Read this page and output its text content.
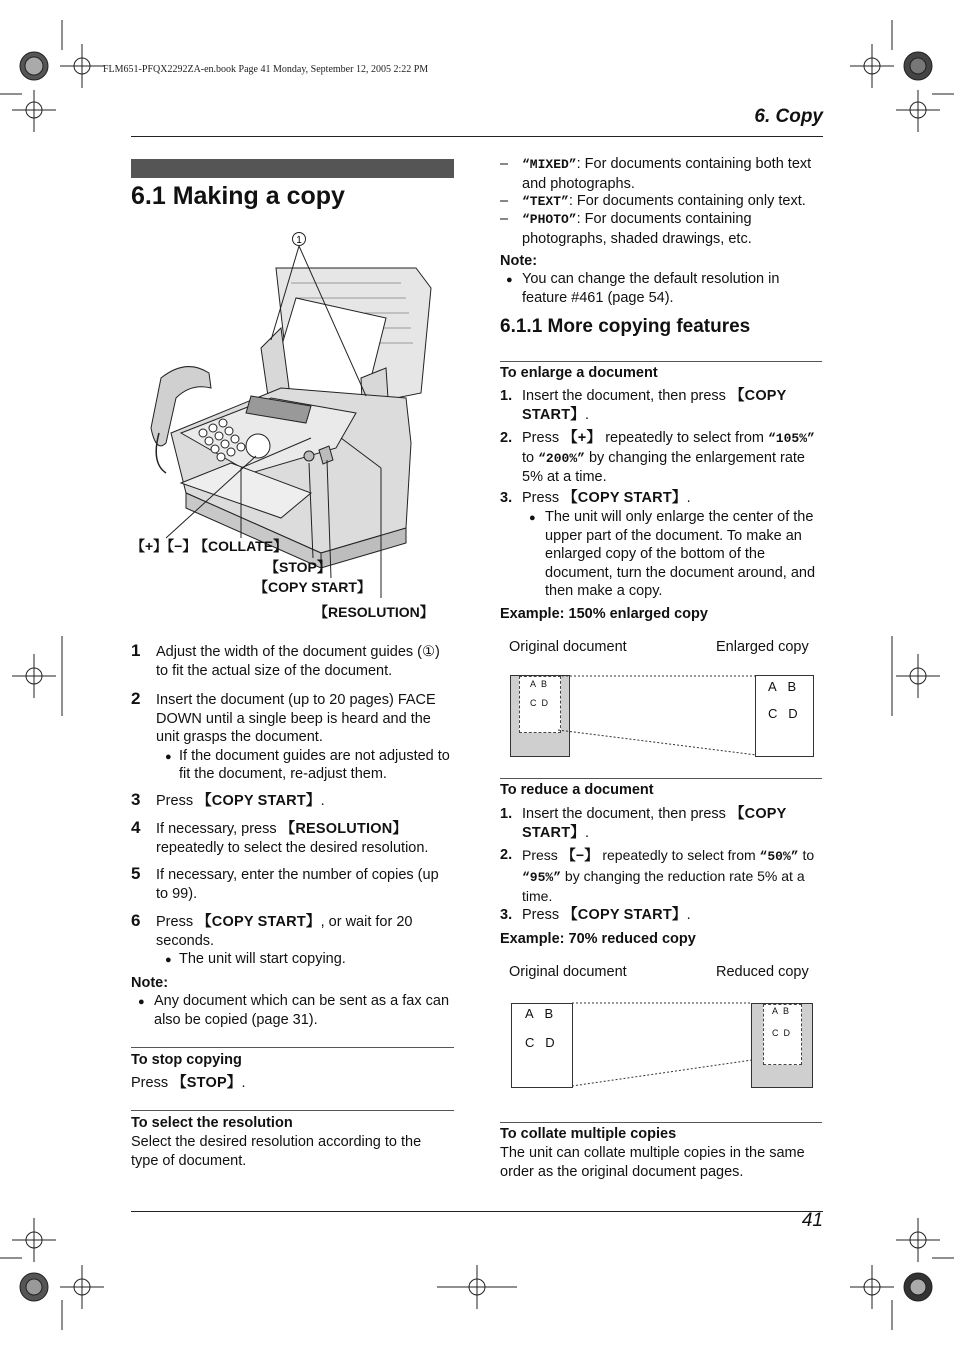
FLM651-PFQX2292ZA-en.book Page 41 Monday, September 12, 2005 2:22 PM
6. Copy
6.1 Making a copy
1
【+】【−】
【COLLATE】
【STOP】
【COPY START】
【RESOLUTION】
1 Adjust the width of the document guides (①) to fit the actual size of the document.
2 Insert the document (up to 20 pages) FACE DOWN until a single beep is heard and the unit grasps the document.
● If the document guides are not adjusted to fit the document, re-adjust them.
3 Press 【COPY START】.
4 If necessary, press 【RESOLUTION】 repeatedly to select the desired resolution.
5 If necessary, enter the number of copies (up to 99).
6 Press 【COPY START】, or wait for 20 seconds.
● The unit will start copying.
Note:
● Any document which can be sent as a fax can also be copied (page 31).
To stop copying
Press 【STOP】.
To select the resolution
Select the desired resolution according to the type of document.
– “MIXED”: For documents containing both text and photographs.
– “TEXT”: For documents containing only text.
– “PHOTO”: For documents containing photographs, shaded drawings, etc.
Note:
● You can change the default resolution in feature #461 (page 54).
6.1.1 More copying features
To enlarge a document
1. Insert the document, then press 【COPY START】.
2. Press 【+】 repeatedly to select from “105%” to “200%” by changing the enlargement rate 5% at a time.
3. Press 【COPY START】.
● The unit will only enlarge the center of the upper part of the document. To make an enlarged copy of the bottom of the document, turn the document around, and then make a copy.
Example: 150% enlarged copy
Original document	Enlarged copy
A B
C D
A B
C D
To reduce a document
1. Insert the document, then press 【COPY START】.
2. Press 【−】 repeatedly to select from “50%” to “95%” by changing the reduction rate 5% at a time.
3. Press 【COPY START】.
Example: 70% reduced copy
Original document	Reduced copy
A B
C D
A B
C D
To collate multiple copies
The unit can collate multiple copies in the same order as the original document pages.
41
